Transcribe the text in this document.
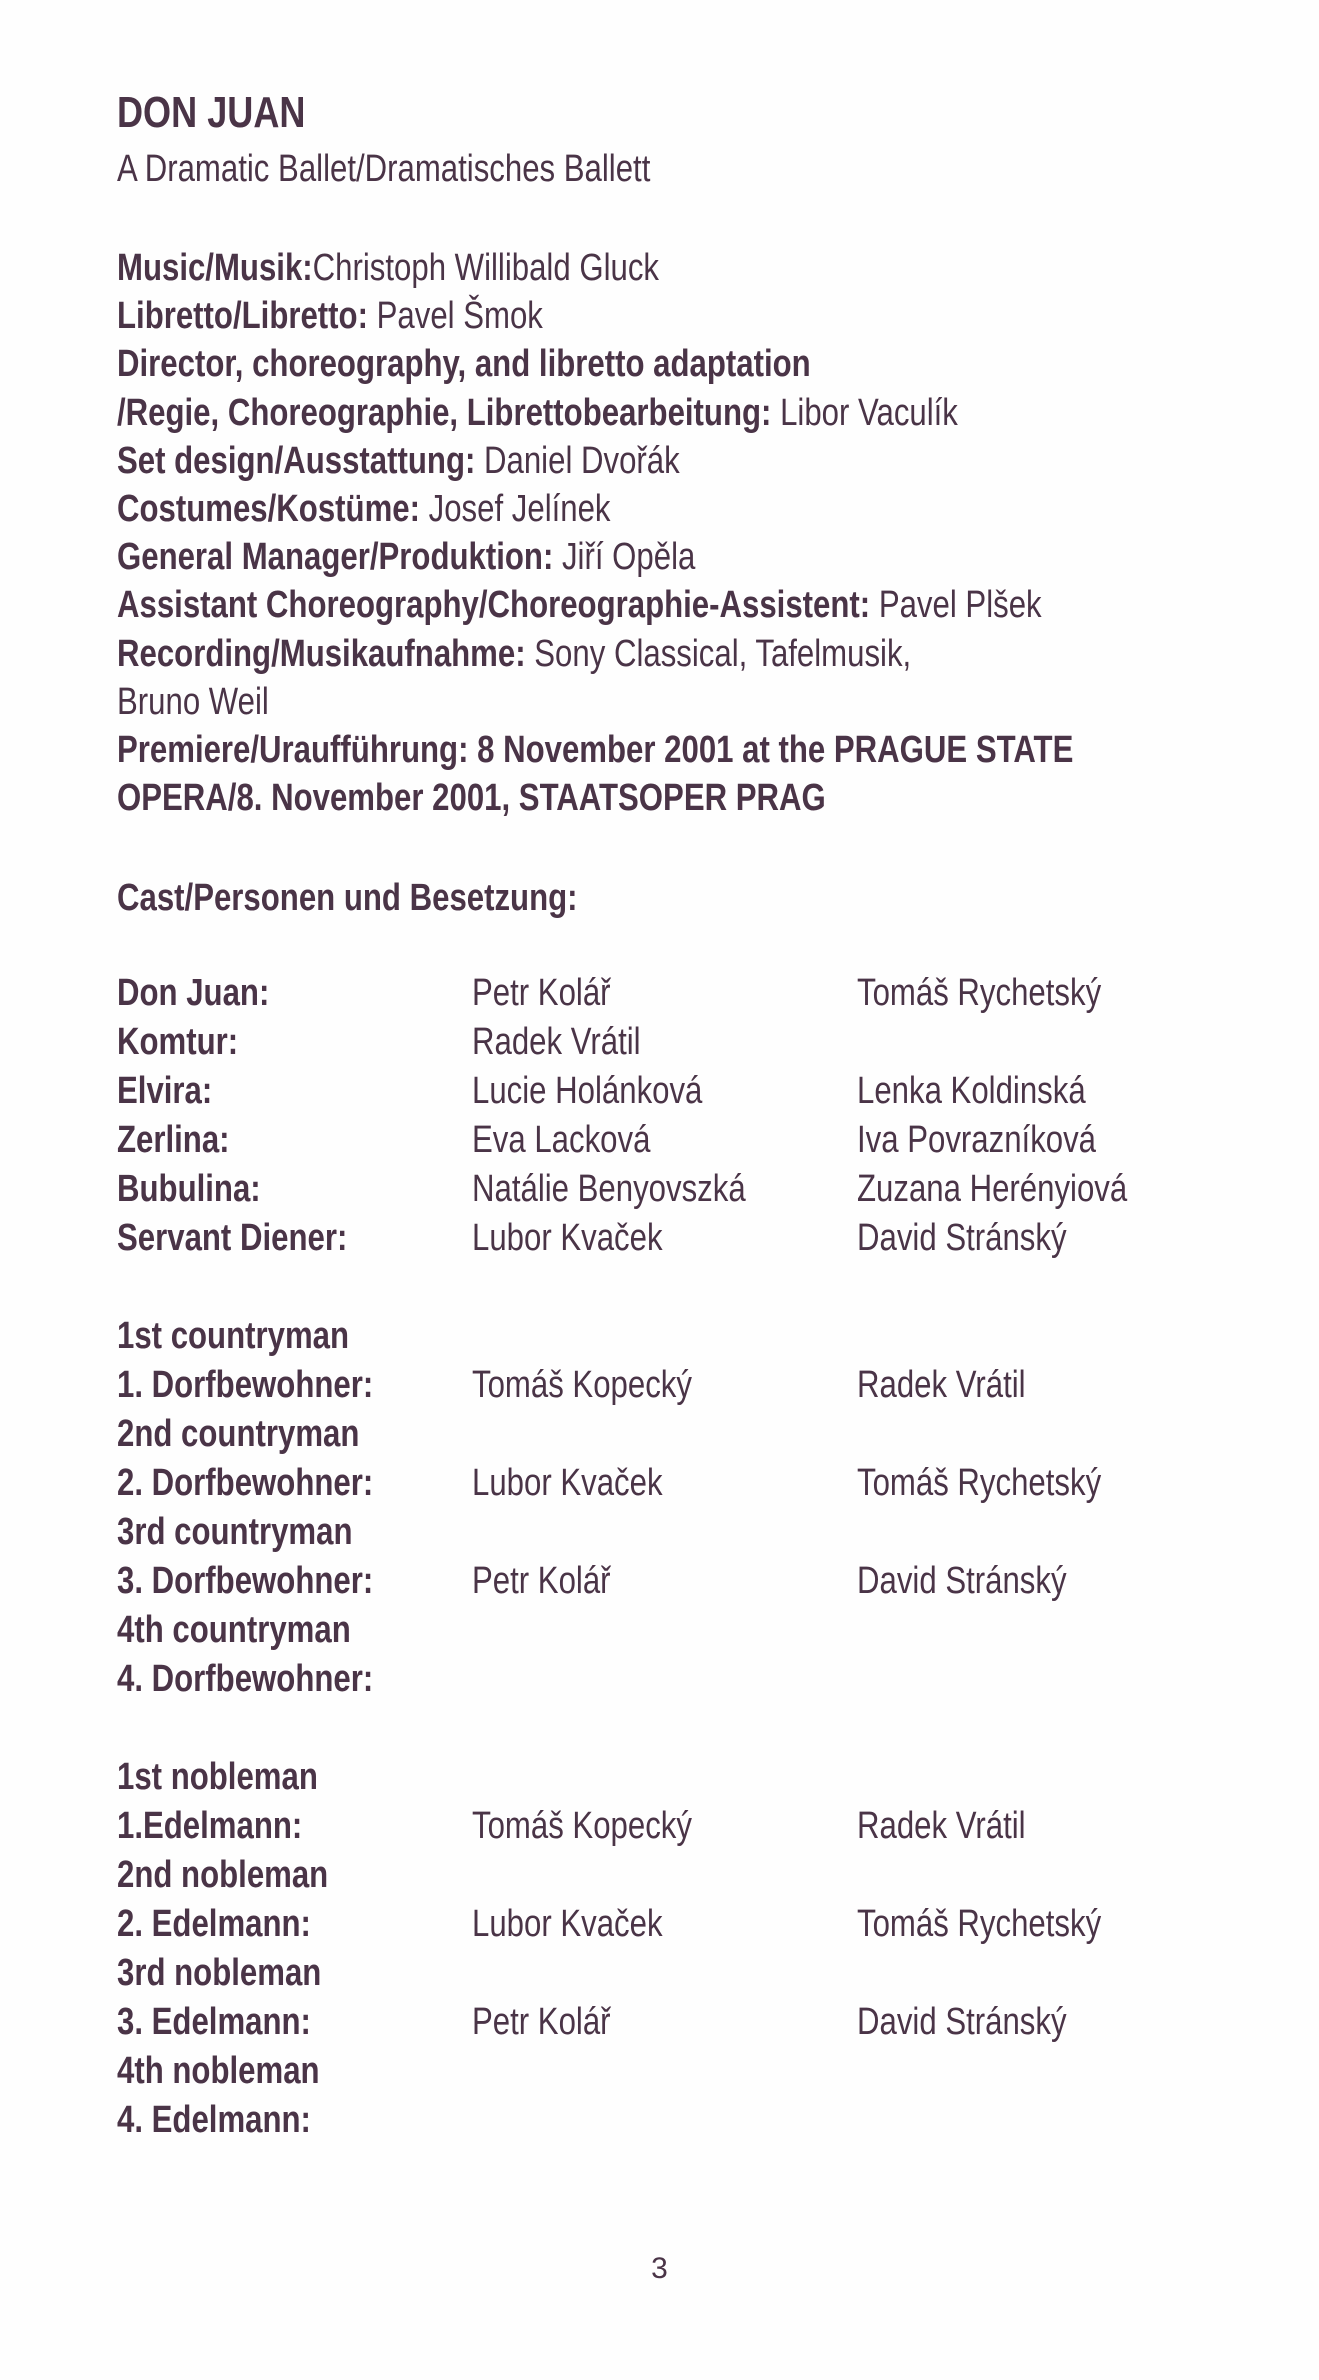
DON JUAN
A Dramatic Ballet/Dramatisches Ballett
Music/Musik:Christoph Willibald Gluck
Libretto/Libretto: Pavel Šmok
Director, choreography, and libretto adaptation
/Regie, Choreographie, Librettobearbeitung: Libor Vaculík
Set design/Ausstattung: Daniel Dvořák
Costumes/Kostüme: Josef Jelínek
General Manager/Produktion: Jiří Opěla
Assistant Choreography/Choreographie-Assistent: Pavel Plšek
Recording/Musikaufnahme: Sony Classical, Tafelmusik,
Bruno Weil
Premiere/Uraufführung: 8 November 2001 at the PRAGUE STATE
OPERA/8. November 2001, STAATSOPER PRAG
Cast/Personen und Besetzung:
Don Juan:	Petr Kolář	Tomáš Rychetský
Komtur:	Radek Vrátil
Elvira:	Lucie Holánková	Lenka Koldinská
Zerlina:	Eva Lacková	Iva Povrazníková
Bubulina:	Natálie Benyovszká	Zuzana Herényiová
Servant Diener:	Lubor Kvaček	David Stránský
1st countryman
1. Dorfbewohner:	Tomáš Kopecký	Radek Vrátil
2nd countryman
2. Dorfbewohner:	Lubor Kvaček	Tomáš Rychetský
3rd countryman
3. Dorfbewohner:	Petr Kolář	David Stránský
4th countryman
4. Dorfbewohner:
1st nobleman
1.Edelmann:	Tomáš Kopecký	Radek Vrátil
2nd nobleman
2. Edelmann:	Lubor Kvaček	Tomáš Rychetský
3rd nobleman
3. Edelmann:	Petr Kolář	David Stránský
4th nobleman
4. Edelmann:
3
